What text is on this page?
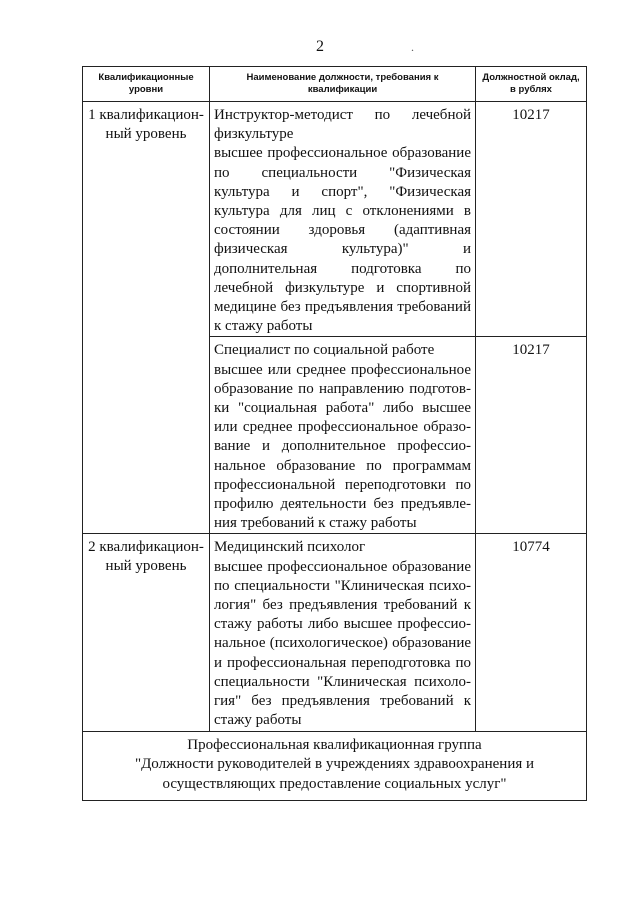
2	.
Квалификационные уровни	Наименование должности, требования к квалификации	Должностной оклад, в рублях
1 квалификацион-ный уровень	Инструктор-методист по лечебной физкультуре
высшее профессиональное образование по специальности "Физическая культура и спорт", "Физическая культура для лиц с отклонениями в состоянии здоровья (адаптивная физическая культура)" и дополнительная подготовка по лечебной физкультуре и спортивной медицине без предъявления требований к стажу работы	10217

	Специалист по социальной работе
высшее или среднее профессиональное образование по направлению подготов-ки "социальная работа" либо высшее или среднее профессиональное образо-вание и дополнительное профессио-нальное образование по программам профессиональной переподготовки по профилю деятельности без предъявле-ния требований к стажу работы	10217
2 квалификацион-ный уровень	Медицинский психолог
высшее профессиональное образование по специальности "Клиническая психо-логия" без предъявления требований к стажу работы либо высшее профессио-нальное (психологическое) образование и профессиональная переподготовка по специальности "Клиническая психоло-гия" без предъявления требований к стажу работы	10774

Профессиональная квалификационная группа
"Должности руководителей в учреждениях здравоохранения и осуществляющих предоставление социальных услуг"		
